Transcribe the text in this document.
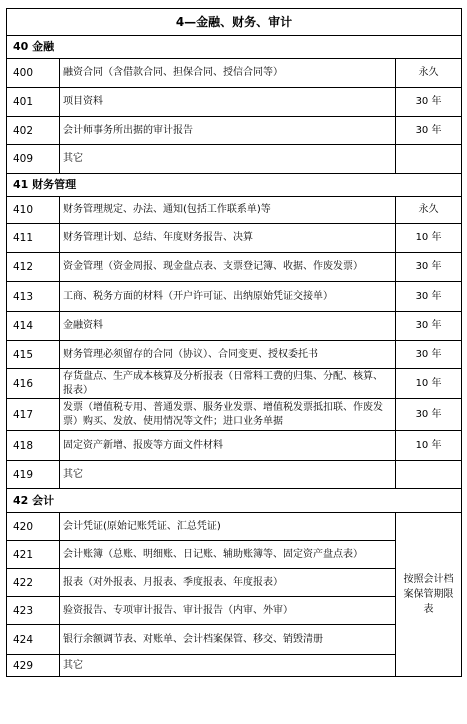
4—金融、财务、审计		
40 金融		
400	融资合同（含借款合同、担保合同、授信合同等）	永久
401	项目资料	30 年
402	会计师事务所出据的审计报告	30 年
409	其它	
41 财务管理		
410	财务管理规定、办法、通知(包括工作联系单)等	永久
411	财务管理计划、总结、年度财务报告、决算	10 年
412	资金管理（资金周报、现金盘点表、支票登记簿、收据、作废发票）	30 年
413	工商、税务方面的材料（开户许可证、出纳原始凭证交接单）	30 年
414	金融资料	30 年
415	财务管理必须留存的合同（协议）、合同变更、授权委托书	30 年
416	存货盘点、生产成本核算及分析报表（日常料工费的归集、分配、核算、报表）	10 年
417	发票（增值税专用、普通发票、服务业发票、增值税发票抵扣联、作废发票）购买、发放、使用情况等文件；进口业务单据	30 年
418	固定资产新增、报废等方面文件材料	10 年
419	其它	
42 会计		
420	会计凭证(原始记账凭证、汇总凭证)	按照会计档案保管期限表
421	会计账簿（总账、明细账、日记账、辅助账簿等、固定资产盘点表）	
422	报表（对外报表、月报表、季度报表、年度报表）	
423	验资报告、专项审计报告、审计报告（内审、外审）	
424	银行余额调节表、对账单、会计档案保管、移交、销毁清册	
429	其它	
